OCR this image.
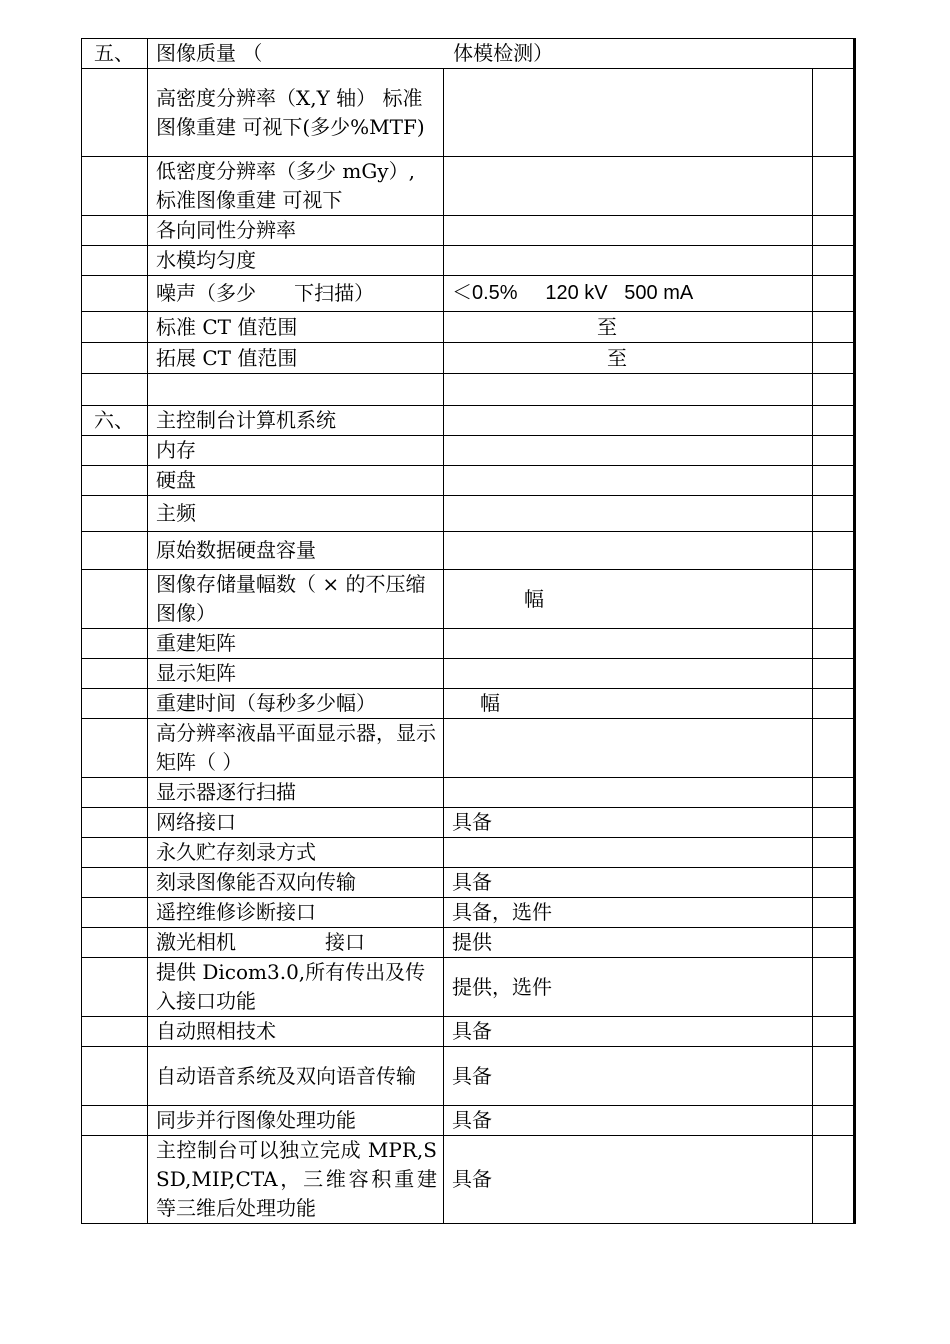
五、	图像质量 （                              体模检测）		
	高密度分辨率（X,Y 轴） 标准图像重建 可视下(多少%MTF)		
	低密度分辨率（多少 mGy）, 标准图像重建 可视下		
	各向同性分辨率		
	水模均匀度		
	噪声（多少      下扫描）	＜0.5%     120 kV   500 mA	
	标准 CT 值范围	至	
	拓展 CT 值范围	至	

六、	主控制台计算机系统		
	内存		
	硬盘		
	主频		
	原始数据硬盘容量		
	图像存储量幅数（ × 的不压缩图像）	幅	
	重建矩阵		
	显示矩阵		
	重建时间（每秒多少幅）	幅	
	高分辨率液晶平面显示器，显示矩阵（ ）		
	显示器逐行扫描		
	网络接口	具备	
	永久贮存刻录方式		
	刻录图像能否双向传输	具备	
	遥控维修诊断接口	具备，选件	
	激光相机              接口	提供	
	提供 Dicom3.0,所有传出及传入接口功能	提供，选件	
	自动照相技术	具备	
	自动语音系统及双向语音传输	具备	
	同步并行图像处理功能	具备	
	主控制台可以独立完成 MPR,SSD,MIP,CTA，三维容积重建等三维后处理功能	具备	
